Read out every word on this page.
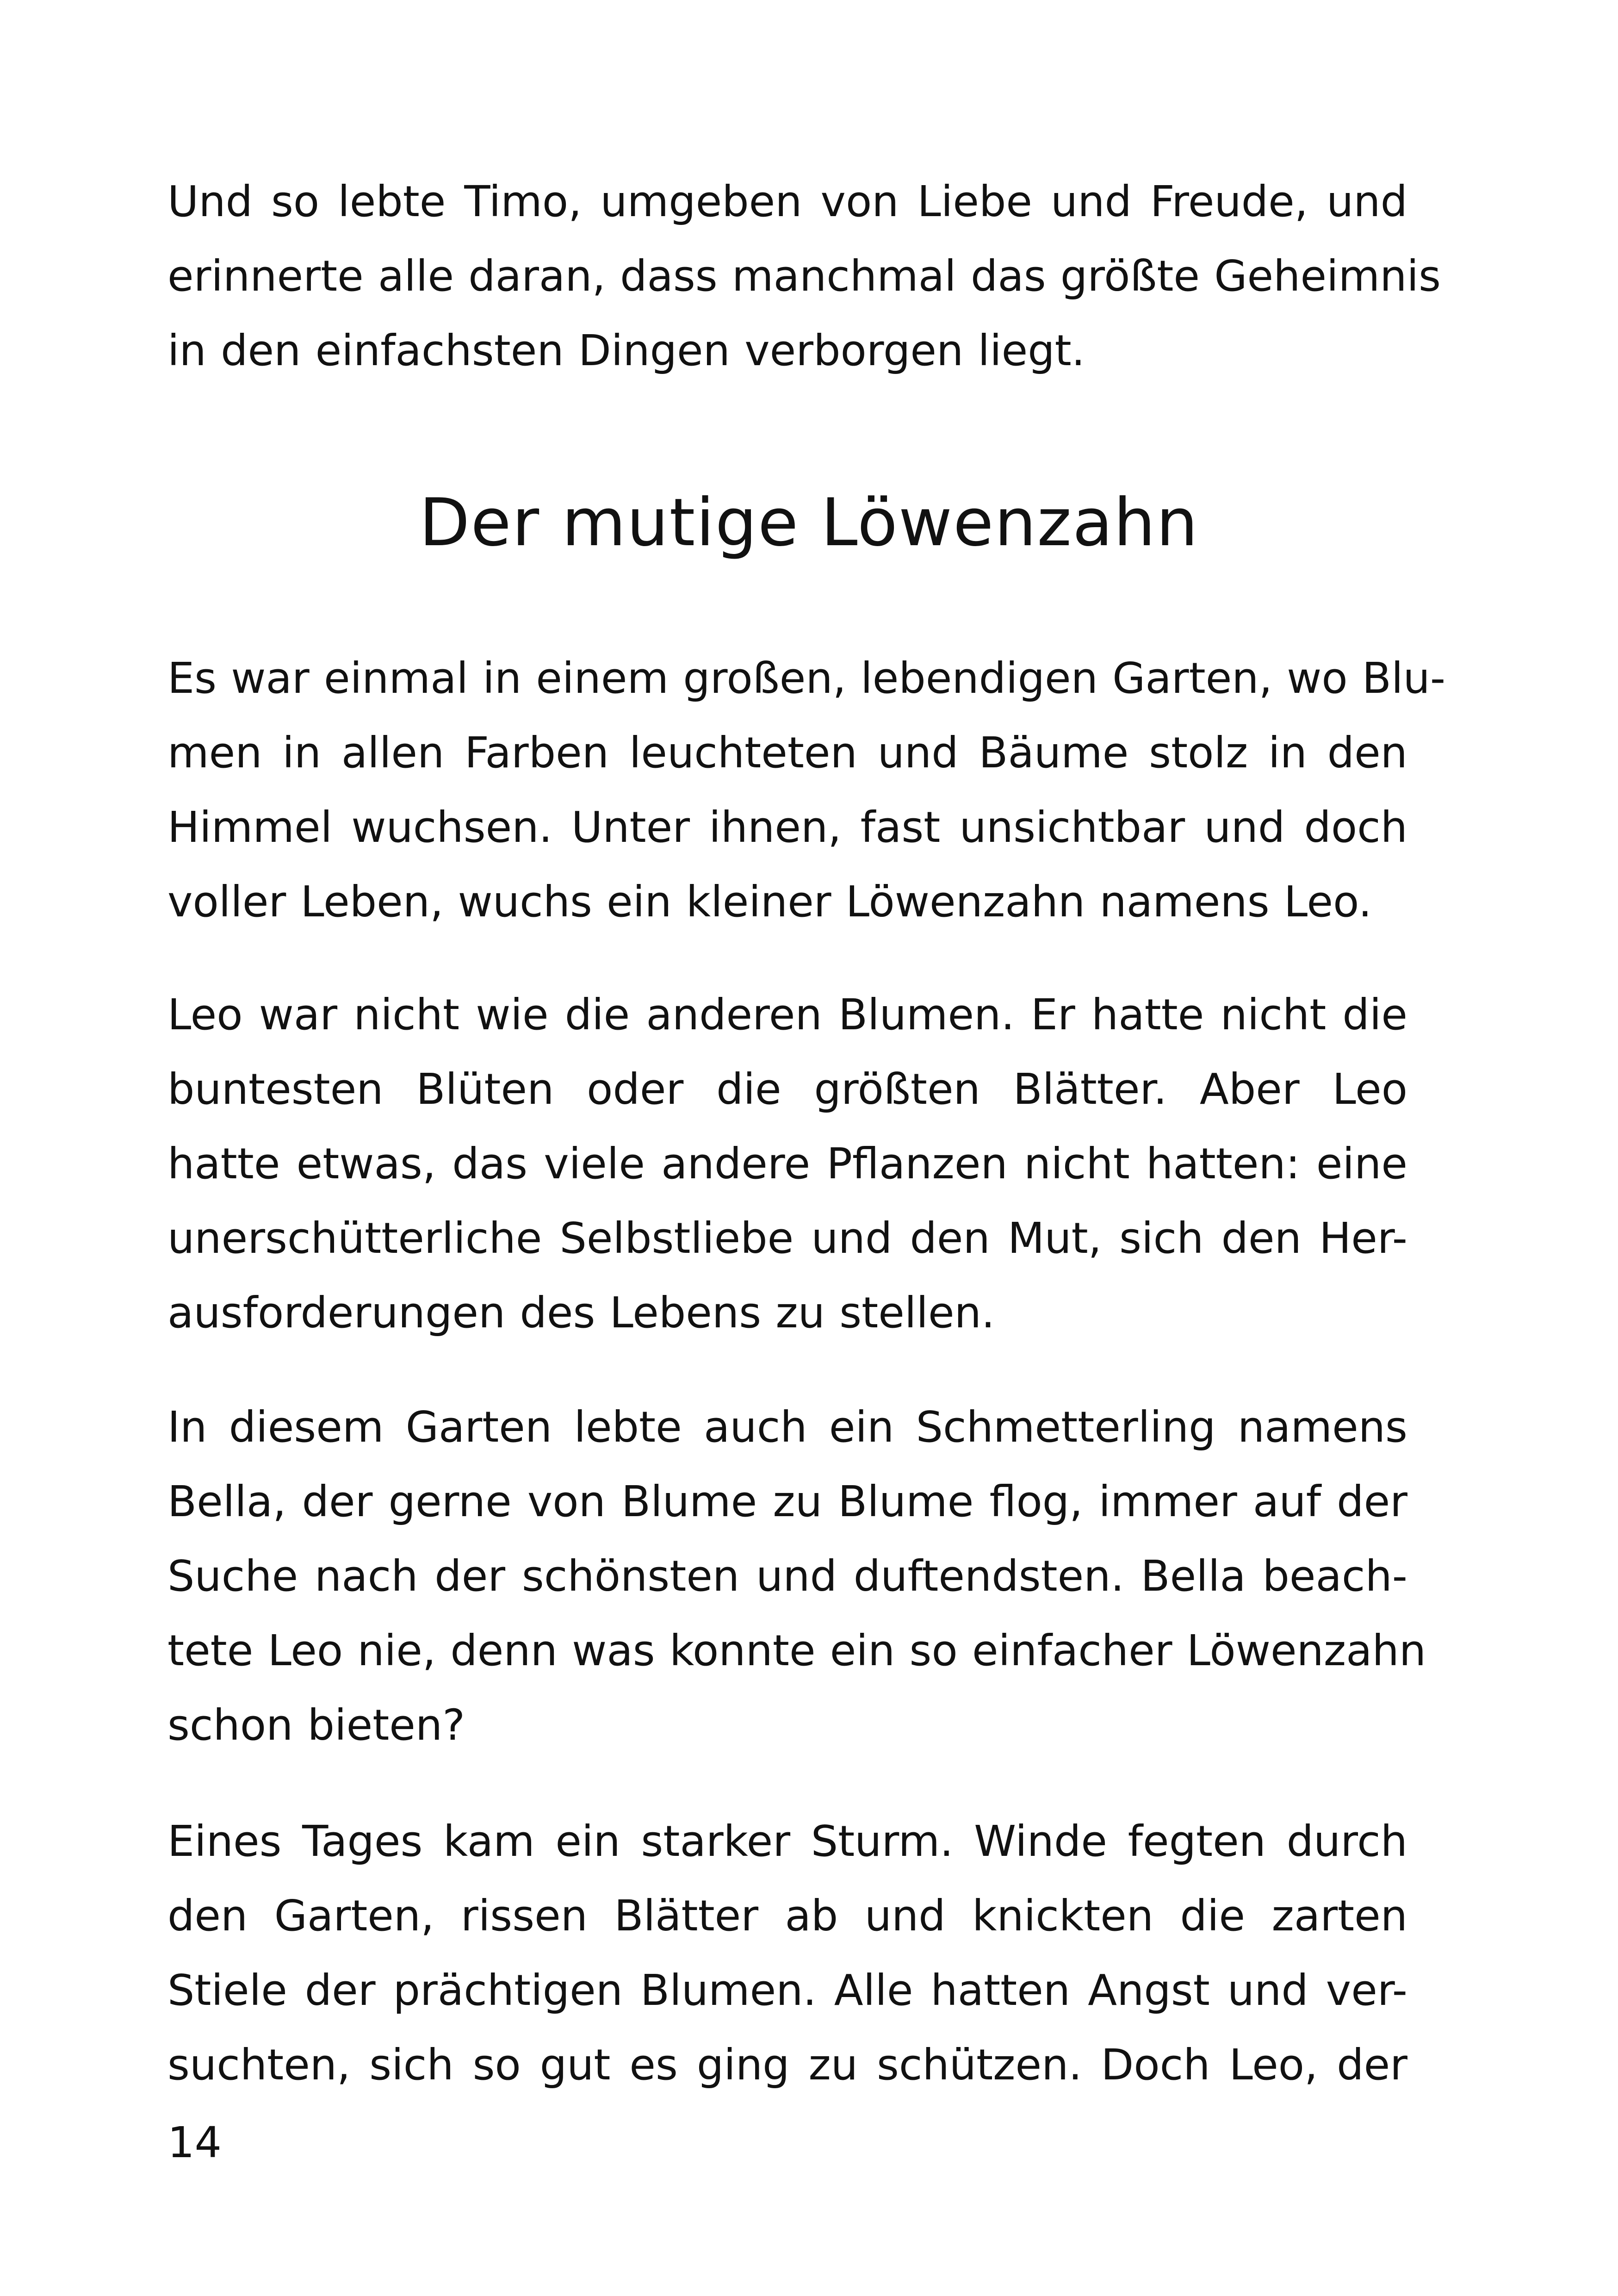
Und so lebte Timo, umgeben von Liebe und Freude, und
erinnerte alle daran, dass manchmal das größte Geheimnis
in den einfachsten Dingen verborgen liegt.

Der mutige Löwenzahn

Es war einmal in einem großen, lebendigen Garten, wo Blu-
men in allen Farben leuchteten und Bäume stolz in den
Himmel wuchsen. Unter ihnen, fast unsichtbar und doch
voller Leben, wuchs ein kleiner Löwenzahn namens Leo.

Leo war nicht wie die anderen Blumen. Er hatte nicht die
buntesten Blüten oder die größten Blätter. Aber Leo
hatte etwas, das viele andere Pflanzen nicht hatten: eine
unerschütterliche Selbstliebe und den Mut, sich den Her-
ausforderungen des Lebens zu stellen.

In diesem Garten lebte auch ein Schmetterling namens
Bella, der gerne von Blume zu Blume flog, immer auf der
Suche nach der schönsten und duftendsten. Bella beach-
tete Leo nie, denn was konnte ein so einfacher Löwenzahn
schon bieten?

Eines Tages kam ein starker Sturm. Winde fegten durch
den Garten, rissen Blätter ab und knickten die zarten
Stiele der prächtigen Blumen. Alle hatten Angst und ver-
suchten, sich so gut es ging zu schützen. Doch Leo, der

14
